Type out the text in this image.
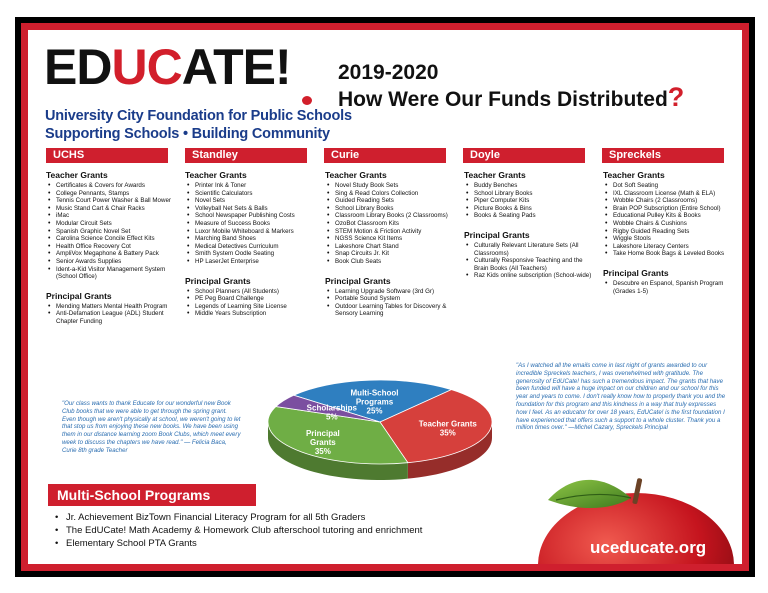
EDUCATE!
University City Foundation for Public Schools
Supporting Schools • Building Community
2019-2020
How Were Our Funds Distributed?
UCHS
Teacher Grants
• Certificates & Covers for Awards
• College Pennants, Stamps
• Tennis Court Power Washer & Ball Mower
• Music Stand Cart & Chair Racks
• iMac
• Modular Circuit Sets
• Spanish Graphic Novel Set
• Carolina Science Concile Effect Kits
• Health Office Recovery Cot
• AmpliVox Megaphone & Battery Pack
• Senior Awards Supplies
• Ident-a-Kid Visitor Management System (School Office)
Principal Grants
• Mending Matters Mental Health Program
• Anti-Defamation League (ADL) Student Chapter Funding
Standley
Teacher Grants
• Printer Ink & Toner
• Scientific Calculators
• Novel Sets
• Volleyball Net Sets & Balls
• School Newspaper Publishing Costs
• Measure of Success Books
• Luxor Mobile Whiteboard & Markers
• Marching Band Shoes
• Medical Detectives Curriculum
• Smith System Oodle Seating
• HP LaserJet Enterprise
Principal Grants
• School Planners (All Students)
• PE Peg Board Challenge
• Legends of Learning Site License
• Middle Years Subscription
Curie
Teacher Grants
• Novel Study Book Sets
• Sing & Read Colors Collection
• Guided Reading Sets
• School Library Books
• Classroom Library Books (2 Classrooms)
• OzoBot Classroom Kits
• STEM Motion & Friction Activity
• NGSS Science Kit Items
• Lakeshore Chart Stand
• Snap Circuits Jr. Kit
• Book Club Seats
Principal Grants
• Learning Upgrade Software (3rd Gr)
• Portable Sound System
• Outdoor Learning Tables for Discovery & Sensory Learning
Doyle
Teacher Grants
• Buddy Benches
• School Library Books
• Piper Computer Kits
• Picture Books & Bins
• Books & Seating Pads
Principal Grants
• Culturally Relevant Literature Sets (All Classrooms)
• Culturally Responsive Teaching and the Brain Books (All Teachers)
• Raz Kids online subscription (School-wide)
Spreckels
Teacher Grants
• Dot Soft Seating
• IXL Classroom License (Math & ELA)
• Wobble Chairs (2 Classrooms)
• Brain POP Subscription (Entire School)
• Educational Pulley Kits & Books
• Wobble Chairs & Cushions
• Rigby Guided Reading Sets
• Wiggle Stools
• Lakeshore Literacy Centers
• Take Home Book Bags & Leveled Books
Principal Grants
• Descubre en Espanol, Spanish Program (Grades 1-5)
"Our class wants to thank Educate for our wonderful new Book Club books that we were able to get through the spring grant. Even though we aren't physically at school, we weren't going to let that stop us from enjoying these new books. We have been using them in our distance learning zoom Book Clubs, which meet every week to discuss the chapters we have read." — Felicia Baca, Curie 8th grade Teacher
"As I watched all the emails come in last night of grants awarded to our incredible Spreckels teachers, I was overwhelmed with gratitude. The generosity of EdUCate! has such a tremendous impact. The grants that have been funded will have a huge impact on our children and our school for this year and years to come. I don't really know how to properly thank you and the foundation for this program and this kindness in a way that truly expresses how I feel. As an educator for over 18 years, EdUCate! is the first foundation I have experienced that offers such a support to a whole cluster. Thank you a million times over." —Michel Cazary, Spreckels Principal
Multi-School Programs 25%
Teacher Grants 35%
Principal Grants 35%
Scholarships 5%
Multi-School Programs
• Jr. Achievement BizTown Financial Literacy Program for all 5th Graders
• The EdUCate! Math Academy & Homework Club afterschool tutoring and enrichment
• Elementary School PTA Grants	uceducate.org
